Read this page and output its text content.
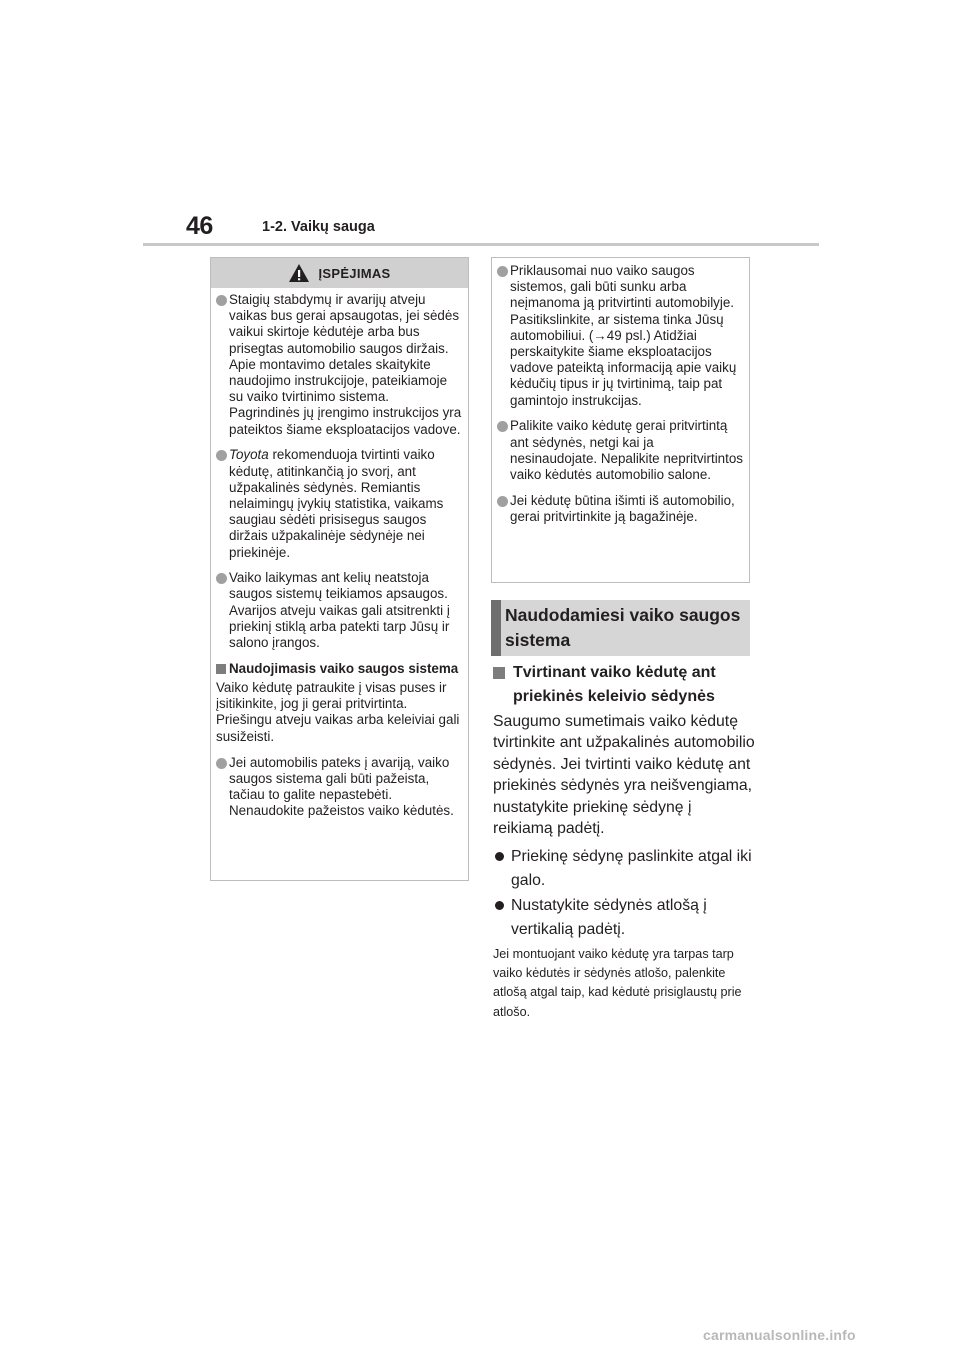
46	1-2. Vaikų sauga
ĮSPĖJIMAS
Staigių stabdymų ir avarijų atveju vaikas bus gerai apsaugotas, jei sėdės vaikui skirtoje kėdutėje arba bus prisegtas automobilio saugos diržais. Apie montavimo detales skaitykite naudojimo instrukcijoje, pateikiamoje su vaiko tvirtinimo sistema. Pagrindinės jų įrengimo instrukcijos yra pateiktos šiame eksploatacijos vadove.
Toyota rekomenduoja tvirtinti vaiko kėdutę, atitinkančią jo svorį, ant užpakalinės sėdynės. Remiantis nelaimingų įvykių statistika, vaikams saugiau sėdėti prisisegus saugos diržais užpakalinėje sėdynėje nei priekinėje.
Vaiko laikymas ant kelių neatstoja saugos sistemų teikiamos apsaugos. Avarijos atveju vaikas gali atsitrenkti į priekinį stiklą arba patekti tarp Jūsų ir salono įrangos.
Naudojimasis vaiko saugos sistema
Vaiko kėdutę patraukite į visas puses ir įsitikinkite, jog ji gerai pritvirtinta. Priešingu atveju vaikas arba keleiviai gali susižeisti.
Jei automobilis pateks į avariją, vaiko saugos sistema gali būti pažeista, tačiau to galite nepastebėti. Nenaudokite pažeistos vaiko kėdutės.
Priklausomai nuo vaiko saugos sistemos, gali būti sunku arba neįmanoma ją pritvirtinti automobilyje. Pasitikslinkite, ar sistema tinka Jūsų automobiliui. (→49 psl.) Atidžiai perskaitykite šiame eksploatacijos vadove pateiktą informaciją apie vaikų kėdučių tipus ir jų tvirtinimą, taip pat gamintojo instrukcijas.
Palikite vaiko kėdutę gerai pritvirtintą ant sėdynės, netgi kai ja nesinaudojate. Nepalikite nepritvirtintos vaiko kėdutės automobilio salone.
Jei kėdutę būtina išimti iš automobilio, gerai pritvirtinkite ją bagažinėje.
Naudodamiesi vaiko saugos sistema
Tvirtinant vaiko kėdutę ant priekinės keleivio sėdynės
Saugumo sumetimais vaiko kėdutę tvirtinkite ant užpakalinės automobilio sėdynės. Jei tvirtinti vaiko kėdutę ant priekinės sėdynės yra neišvengiama, nustatykite priekinę sėdynę į reikiamą padėtį.
Priekinę sėdynę paslinkite atgal iki galo.
Nustatykite sėdynės atlošą į vertikalią padėtį.
Jei montuojant vaiko kėdutę yra tarpas tarp vaiko kėdutės ir sėdynės atlošo, palenkite atlošą atgal taip, kad kėdutė prisiglaustų prie atlošo.
carmanualsonline.info
